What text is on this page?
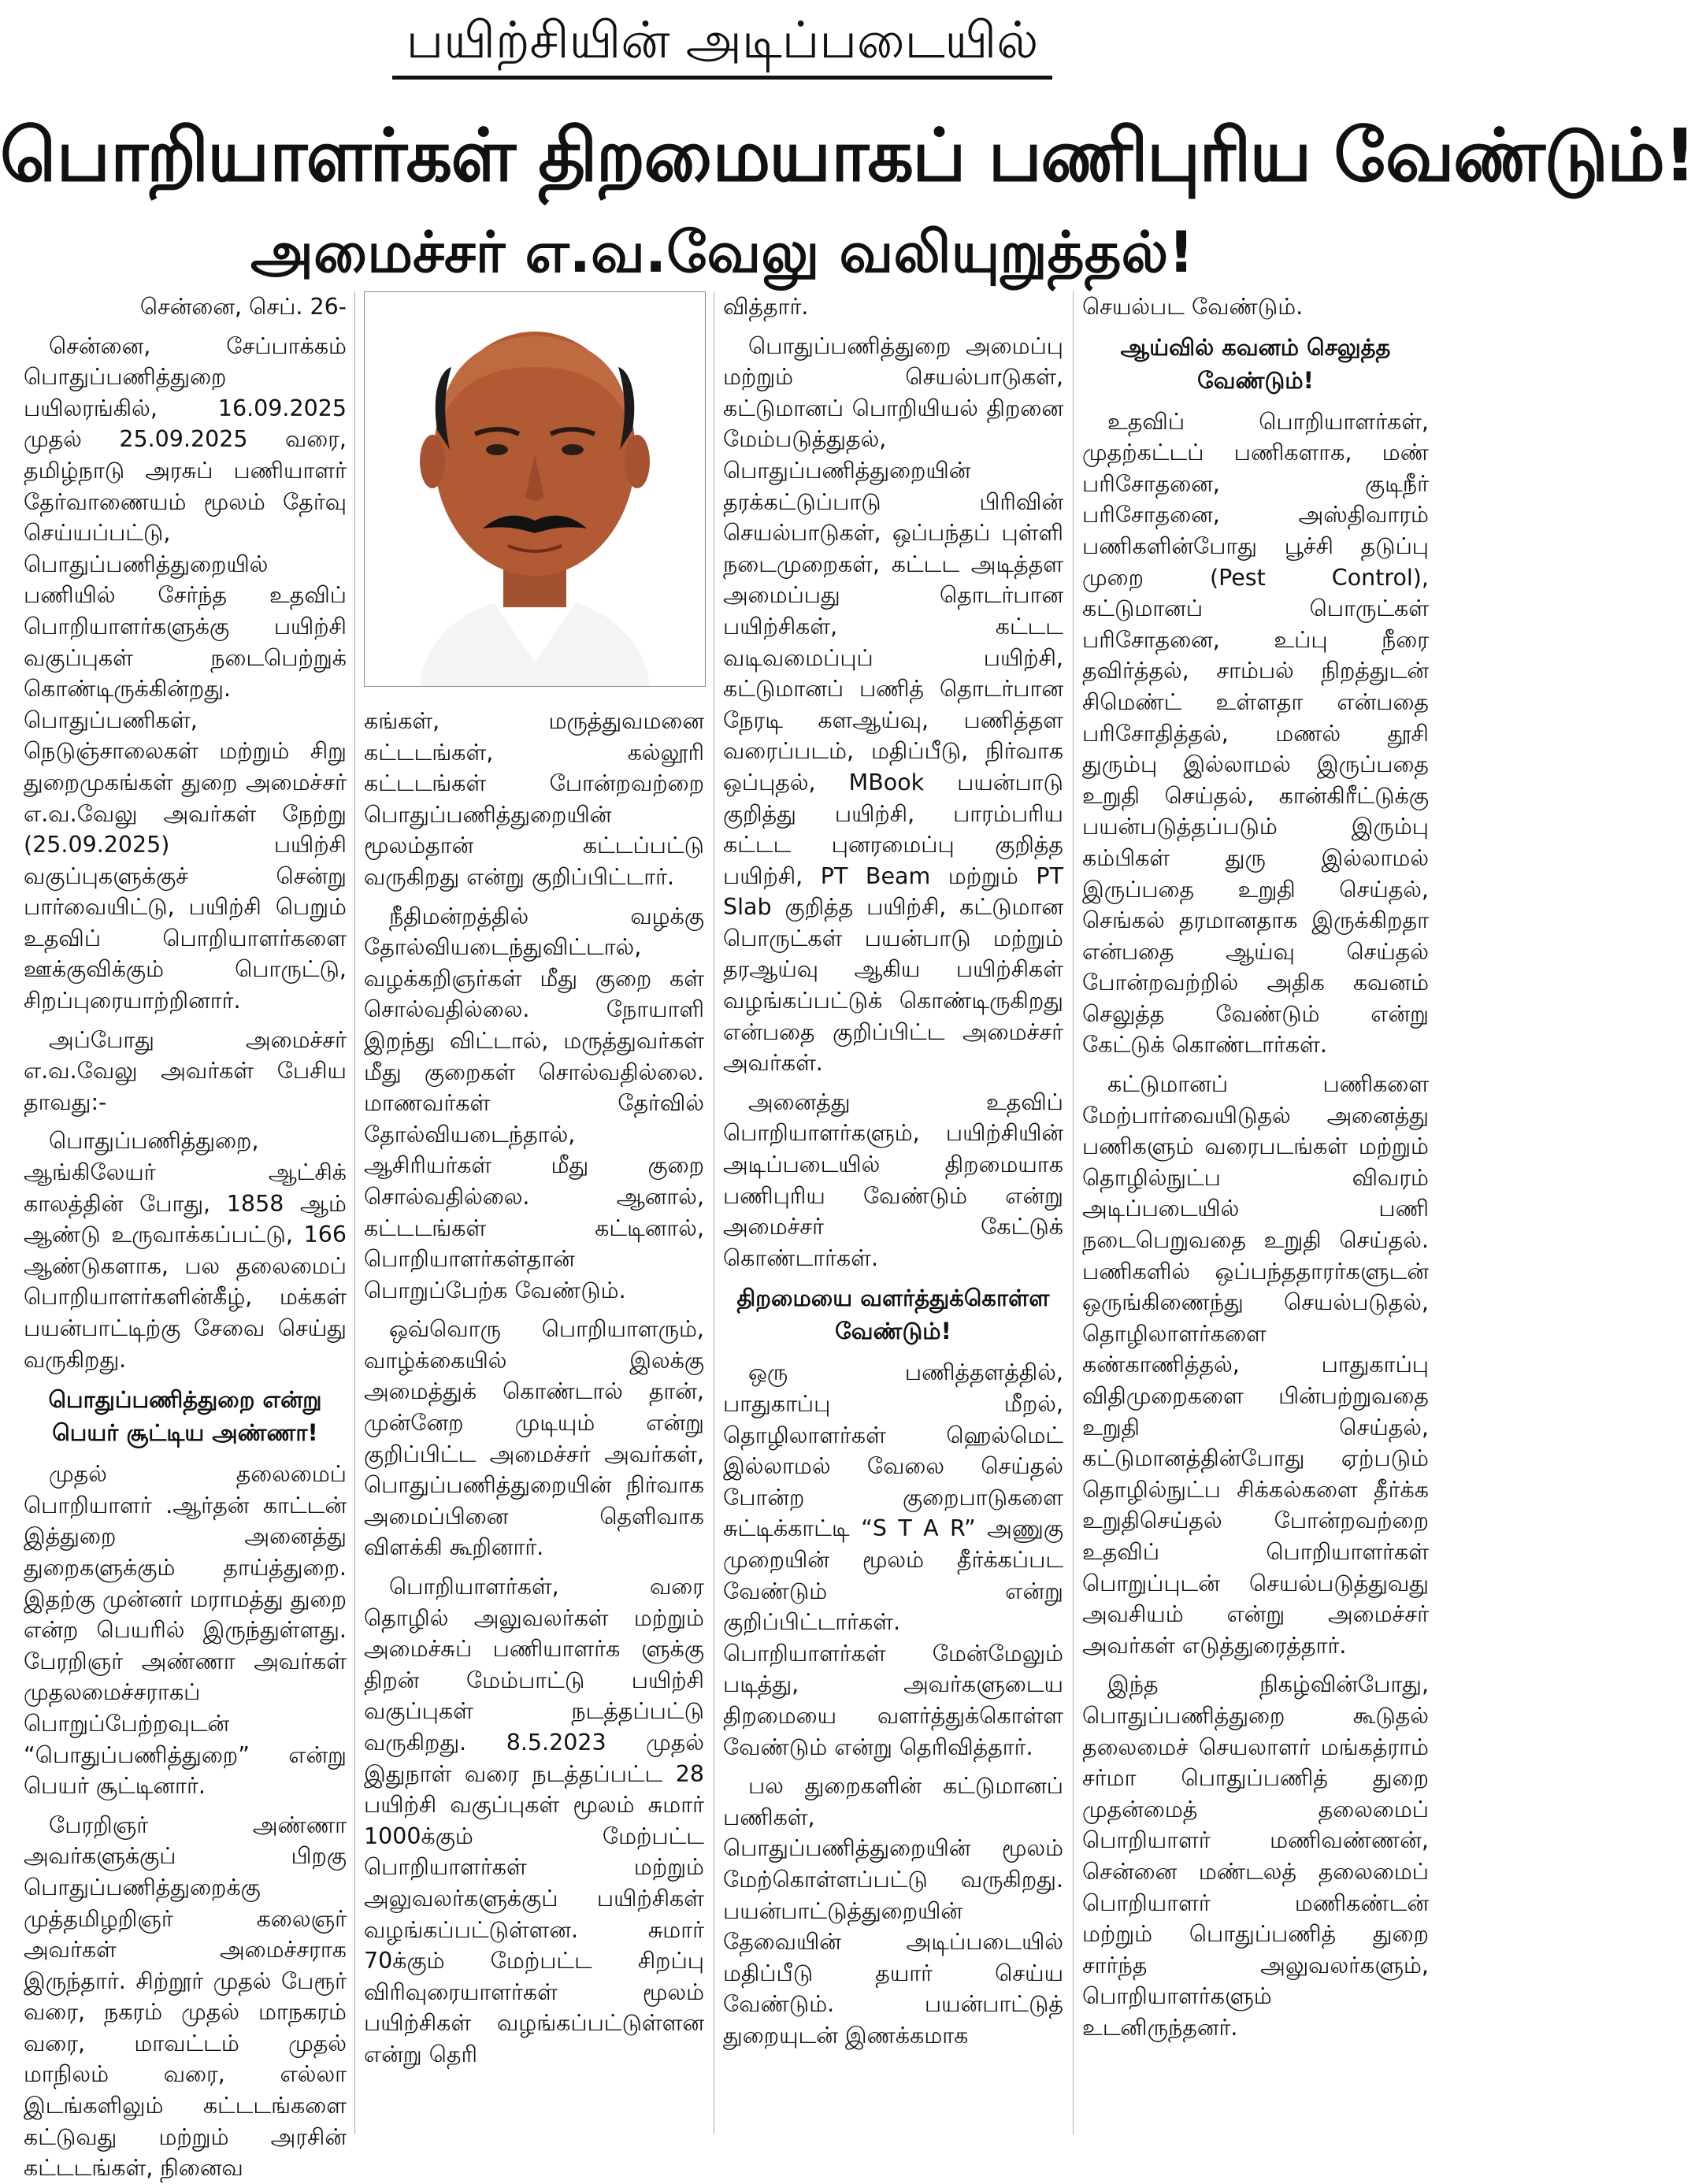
பயிற்சியின் அடிப்படையில்
பொறியாளர்கள் திறமையாகப் பணிபுரிய வேண்டும்!
அமைச்சர் எ.வ.வேலு வலியுறுத்தல்!

சென்னை, செப். 26-

சென்னை, சேப்பாக்கம் பொதுப்பணித்துறை பயிலரங்கில், 16.09.2025 முதல் 25.09.2025 வரை, தமிழ்நாடு அரசுப் பணியாளர் தேர்வாணையம் மூலம் தேர்வு செய்யப்பட்டு, பொதுப்பணித்துறையில் பணியில் சேர்ந்த உதவிப் பொறியாளர்களுக்கு பயிற்சி வகுப்புகள் நடைபெற்றுக் கொண்டிருக்கின்றது. பொதுப்பணிகள், நெடுஞ்சாலைகள் மற்றும் சிறு துறைமுகங்கள் துறை அமைச்சர் எ.வ.வேலு அவர்கள் நேற்று (25.09.2025) பயிற்சி வகுப்புகளுக்குச் சென்று பார்வையிட்டு, பயிற்சி பெறும் உதவிப் பொறியாளர்களை ஊக்குவிக்கும் பொருட்டு, சிறப்புரையாற்றினார்.

அப்போது அமைச்சர் எ.வ.வேலு அவர்கள் பேசிய தாவது:-

பொதுப்பணித்துறை, ஆங்கிலேயர் ஆட்சிக் காலத்தின் போது, 1858 ஆம் ஆண்டு உருவாக்கப்பட்டு, 166 ஆண்டுகளாக, பல தலைமைப் பொறியாளர்களின்கீழ், மக்கள் பயன்பாட்டிற்கு சேவை செய்து வருகிறது.

பொதுப்பணித்துறை என்று பெயர் சூட்டிய அண்ணா!

முதல் தலைமைப் பொறியாளர் .ஆர்தன் காட்டன் இத்துறை அனைத்து துறைகளுக்கும் தாய்த்துறை. இதற்கு முன்னர் மராமத்து துறை என்ற பெயரில் இருந்துள்ளது. பேரறிஞர் அண்ணா அவர்கள் முதலமைச்சராகப் பொறுப்பேற்றவுடன் “பொதுப்பணித்துறை” என்று பெயர் சூட்டினார்.

பேரறிஞர் அண்ணா அவர்களுக்குப் பிறகு பொதுப்பணித்துறைக்கு முத்தமிழறிஞர் கலைஞர் அவர்கள் அமைச்சராக இருந்தார். சிற்றூர் முதல் பேரூர் வரை, நகரம் முதல் மாநகரம் வரை, மாவட்டம் முதல் மாநிலம் வரை, எல்லா இடங்களிலும் கட்டடங்களை கட்டுவது மற்றும் அரசின் கட்டடங்கள், நினைவ

கங்கள், மருத்துவமனை கட்டடங்கள், கல்லூரி கட்டடங்கள் போன்றவற்றை பொதுப்பணித்துறையின் மூலம்தான் கட்டப்பட்டு வருகிறது என்று குறிப்பிட்டார்.

நீதிமன்றத்தில் வழக்கு தோல்வியடைந்துவிட்டால், வழக்கறிஞர்கள் மீது குறை கள் சொல்வதில்லை. நோயாளி இறந்து விட்டால், மருத்துவர்கள் மீது குறைகள் சொல்வதில்லை. மாணவர்கள் தேர்வில் தோல்வியடைந்தால், ஆசிரியர்கள் மீது குறை சொல்வதில்லை. ஆனால், கட்டடங்கள் கட்டினால், பொறியாளர்கள்தான் பொறுப்பேற்க வேண்டும்.

ஒவ்வொரு பொறியாளரும், வாழ்க்கையில் இலக்கு அமைத்துக் கொண்டால் தான், முன்னேற முடியும் என்று குறிப்பிட்ட அமைச்சர் அவர்கள், பொதுப்பணித்துறையின் நிர்வாக அமைப்பினை தெளிவாக விளக்கி கூறினார்.

பொறியாளர்கள், வரை தொழில் அலுவலர்கள் மற்றும் அமைச்சுப் பணியாளர்க ளுக்கு திறன் மேம்பாட்டு பயிற்சி வகுப்புகள் நடத்தப்பட்டு வருகிறது. 8.5.2023 முதல் இதுநாள் வரை நடத்தப்பட்ட 28 பயிற்சி வகுப்புகள் மூலம் சுமார் 1000க்கும் மேற்பட்ட பொறியாளர்கள் மற்றும் அலுவலர்களுக்குப் பயிற்சிகள் வழங்கப்பட்டுள்ளன. சுமார் 70க்கும் மேற்பட்ட சிறப்பு விரிவுரையாளர்கள் மூலம் பயிற்சிகள் வழங்கப்பட்டுள்ளன என்று தெரி

வித்தார்.

பொதுப்பணித்துறை அமைப்பு மற்றும் செயல்பாடுகள், கட்டுமானப் பொறியியல் திறனை மேம்படுத்துதல், பொதுப்பணித்துறையின் தரக்கட்டுப்பாடு பிரிவின் செயல்பாடுகள், ஒப்பந்தப் புள்ளி நடைமுறைகள், கட்டட அடித்தள அமைப்பது தொடர்பான பயிற்சிகள், கட்டட வடிவமைப்புப் பயிற்சி, கட்டுமானப் பணித் தொடர்பான நேரடி களஆய்வு, பணித்தள வரைப்படம், மதிப்பீடு, நிர்வாக ஒப்புதல், MBook பயன்பாடு குறித்து பயிற்சி, பாரம்பரிய கட்டட புனரமைப்பு குறித்த பயிற்சி, PT Beam மற்றும் PT Slab குறித்த பயிற்சி, கட்டுமான பொருட்கள் பயன்பாடு மற்றும் தரஆய்வு ஆகிய பயிற்சிகள் வழங்கப்பட்டுக் கொண்டிருகிறது என்பதை குறிப்பிட்ட அமைச்சர் அவர்கள்.

அனைத்து உதவிப் பொறியாளர்களும், பயிற்சியின் அடிப்படையில் திறமையாக பணிபுரிய வேண்டும் என்று அமைச்சர் கேட்டுக் கொண்டார்கள்.

திறமையை வளர்த்துக்கொள்ள வேண்டும்!

ஒரு பணித்தளத்தில், பாதுகாப்பு மீறல், தொழிலாளர்கள் ஹெல்மெட் இல்லாமல் வேலை செய்தல் போன்ற குறைபாடுகளை சுட்டிக்காட்டி “S T A R” அணுகு முறையின் மூலம் தீர்க்கப்பட வேண்டும் என்று குறிப்பிட்டார்கள். பொறியாளர்கள் மேன்மேலும் படித்து, அவர்களுடைய திறமையை வளர்த்துக்கொள்ள வேண்டும் என்று தெரிவித்தார்.

பல துறைகளின் கட்டுமானப் பணிகள், பொதுப்பணித்துறையின் மூலம் மேற்கொள்ளப்பட்டு வருகிறது. பயன்பாட்டுத்துறையின் தேவையின் அடிப்படையில் மதிப்பீடு தயார் செய்ய வேண்டும். பயன்பாட்டுத் துறையுடன் இணக்கமாக

செயல்பட வேண்டும்.

ஆய்வில் கவனம் செலுத்த வேண்டும்!

உதவிப் பொறியாளர்கள், முதற்கட்டப் பணிகளாக, மண் பரிசோதனை, குடிநீர் பரிசோதனை, அஸ்திவாரம் பணிகளின்போது பூச்சி தடுப்பு முறை (Pest Control), கட்டுமானப் பொருட்கள் பரிசோதனை, உப்பு நீரை தவிர்த்தல், சாம்பல் நிறத்துடன் சிமெண்ட் உள்ளதா என்பதை பரிசோதித்தல், மணல் தூசி துரும்பு இல்லாமல் இருப்பதை உறுதி செய்தல், கான்கிரீட்டுக்கு பயன்படுத்தப்படும் இரும்பு கம்பிகள் துரு இல்லாமல் இருப்பதை உறுதி செய்தல், செங்கல் தரமானதாக இருக்கிறதா என்பதை ஆய்வு செய்தல் போன்றவற்றில் அதிக கவனம் செலுத்த வேண்டும் என்று கேட்டுக் கொண்டார்கள்.

கட்டுமானப் பணிகளை மேற்பார்வையிடுதல் அனைத்து பணிகளும் வரைபடங்கள் மற்றும் தொழில்நுட்ப விவரம் அடிப்படையில் பணி நடைபெறுவதை உறுதி செய்தல். பணிகளில் ஒப்பந்ததாரர்களுடன் ஒருங்கிணைந்து செயல்படுதல், தொழிலாளர்களை கண்காணித்தல், பாதுகாப்பு விதிமுறைகளை பின்பற்றுவதை உறுதி செய்தல், கட்டுமானத்தின்போது ஏற்படும் தொழில்நுட்ப சிக்கல்களை தீர்க்க உறுதிசெய்தல் போன்றவற்றை உதவிப் பொறியாளர்கள் பொறுப்புடன் செயல்படுத்துவது அவசியம் என்று அமைச்சர் அவர்கள் எடுத்துரைத்தார்.

இந்த நிகழ்வின்போது, பொதுப்பணித்துறை கூடுதல் தலைமைச் செயலாளர் மங்கத்ராம் சர்மா பொதுப்பணித் துறை முதன்மைத் தலைமைப் பொறியாளர் மணிவண்ணன், சென்னை மண்டலத் தலைமைப் பொறியாளர் மணிகண்டன் மற்றும் பொதுப்பணித் துறை சார்ந்த அலுவலர்களும், பொறியாளர்களும் உடனிருந்தனர்.
